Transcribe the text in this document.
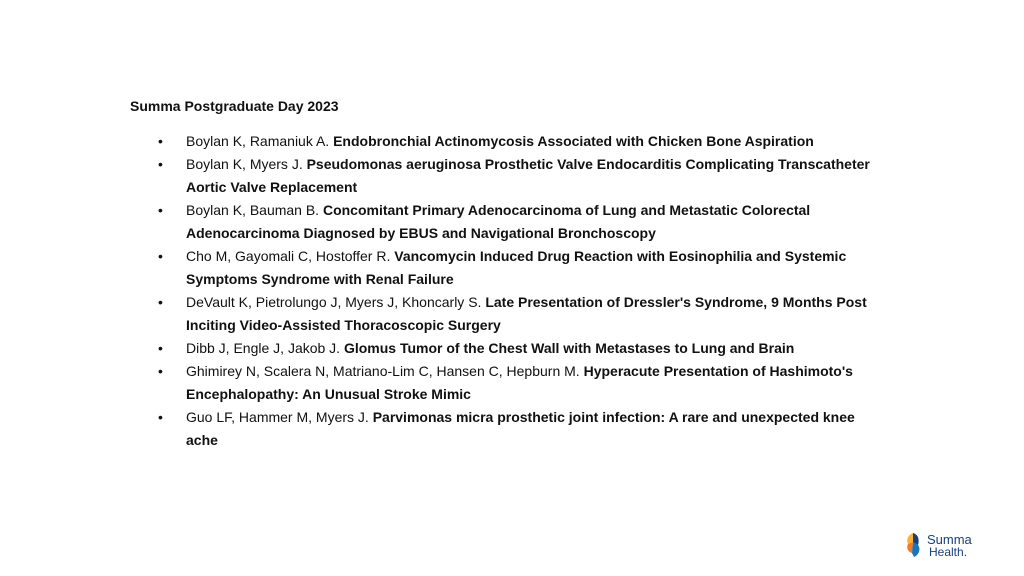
Summa Postgraduate Day 2023
• Boylan K, Ramaniuk A. Endobronchial Actinomycosis Associated with Chicken Bone Aspiration
• Boylan K, Myers J. Pseudomonas aeruginosa Prosthetic Valve Endocarditis Complicating Transcatheter Aortic Valve Replacement
• Boylan K, Bauman B. Concomitant Primary Adenocarcinoma of Lung and Metastatic Colorectal Adenocarcinoma Diagnosed by EBUS and Navigational Bronchoscopy
• Cho M, Gayomali C, Hostoffer R. Vancomycin Induced Drug Reaction with Eosinophilia and Systemic Symptoms Syndrome with Renal Failure
• DeVault K, Pietrolungo J, Myers J, Khoncarly S. Late Presentation of Dressler's Syndrome, 9 Months Post Inciting Video-Assisted Thoracoscopic Surgery
• Dibb J, Engle J, Jakob J. Glomus Tumor of the Chest Wall with Metastases to Lung and Brain
• Ghimirey N, Scalera N, Matriano-Lim C, Hansen C, Hepburn M. Hyperacute Presentation of Hashimoto's Encephalopathy: An Unusual Stroke Mimic
• Guo LF, Hammer M, Myers J. Parvimonas micra prosthetic joint infection: A rare and unexpected knee ache
Summa
Health.
